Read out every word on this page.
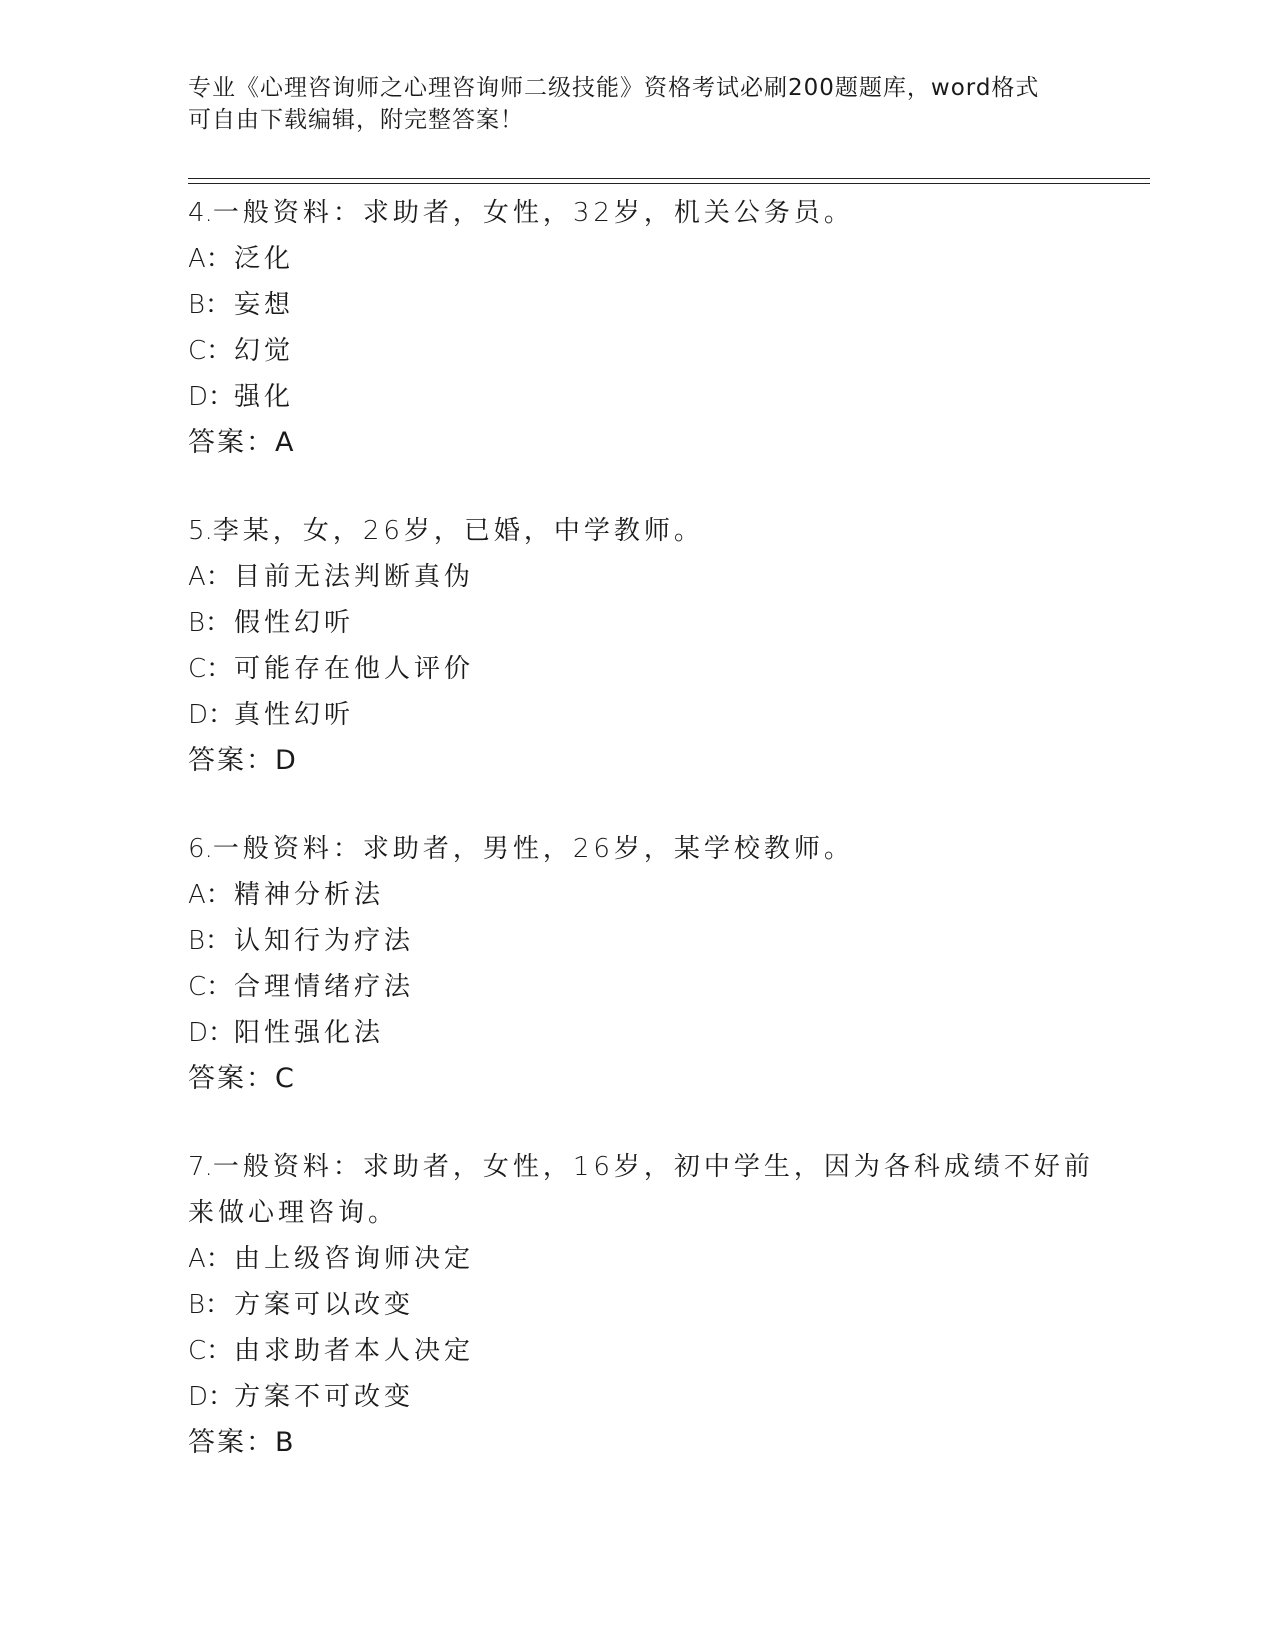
专业《心理咨询师之心理咨询师二级技能》资格考试必刷200题题库，word格式
可自由下载编辑，附完整答案！
4.一般资料：求助者，女性，32岁，机关公务员。
A：泛化
B： 妄想
C：幻觉
D：强化
答案：A
5.李某，女，26岁，已婚，中学教师。
A：目前无法判断真伪
B： 假性幻听
C：可能存在他人评价
D：真性幻听
答案：D
6.一般资料：求助者，男性，26岁，某学校教师。
A：精神分析法
B： 认知行为疗法
C：合理情绪疗法
D：阳性强化法
答案：C
7.一般资料：求助者，女性，16岁，初中学生，因为各科成绩不好前
来做心理咨询。
A：由上级咨询师决定
B： 方案可以改变
C：由求助者本人决定
D：方案不可改变
答案：B
